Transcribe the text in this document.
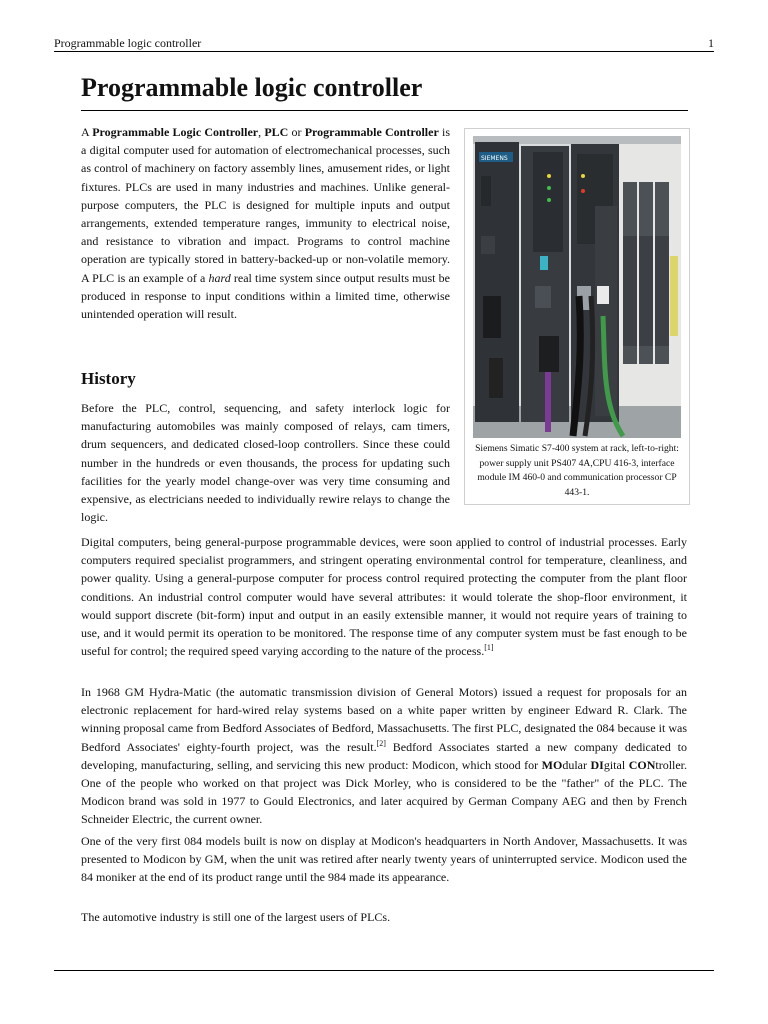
Programmable logic controller	1
Programmable logic controller

A Programmable Logic Controller, PLC or Programmable Controller is a digital computer used for automation of electromechanical processes, such as control of machinery on factory assembly lines, amusement rides, or light fixtures. PLCs are used in many industries and machines. Unlike general-purpose computers, the PLC is designed for multiple inputs and output arrangements, extended temperature ranges, immunity to electrical noise, and resistance to vibration and impact. Programs to control machine operation are typically stored in battery-backed-up or non-volatile memory. A PLC is an example of a hard real time system since output results must be produced in response to input conditions within a limited time, otherwise unintended operation will result.

SIEMENS
Siemens Simatic S7-400 system at rack, left-to-right: power supply unit PS407 4A,CPU 416-3, interface module IM 460-0 and communication processor CP 443-1.
History

Before the PLC, control, sequencing, and safety interlock logic for manufacturing automobiles was mainly composed of relays, cam timers, drum sequencers, and dedicated closed-loop controllers. Since these could number in the hundreds or even thousands, the process for updating such facilities for the yearly model change-over was very time consuming and expensive, as electricians needed to individually rewire relays to change the logic.

Digital computers, being general-purpose programmable devices, were soon applied to control of industrial processes. Early computers required specialist programmers, and stringent operating environmental control for temperature, cleanliness, and power quality. Using a general-purpose computer for process control required protecting the computer from the plant floor conditions. An industrial control computer would have several attributes: it would tolerate the shop-floor environment, it would support discrete (bit-form) input and output in an easily extensible manner, it would not require years of training to use, and it would permit its operation to be monitored. The response time of any computer system must be fast enough to be useful for control; the required speed varying according to the nature of the process.[1]

In 1968 GM Hydra-Matic (the automatic transmission division of General Motors) issued a request for proposals for an electronic replacement for hard-wired relay systems based on a white paper written by engineer Edward R. Clark. The winning proposal came from Bedford Associates of Bedford, Massachusetts. The first PLC, designated the 084 because it was Bedford Associates' eighty-fourth project, was the result.[2] Bedford Associates started a new company dedicated to developing, manufacturing, selling, and servicing this new product: Modicon, which stood for MOdular DIgital CONtroller. One of the people who worked on that project was Dick Morley, who is considered to be the "father" of the PLC. The Modicon brand was sold in 1977 to Gould Electronics, and later acquired by German Company AEG and then by French Schneider Electric, the current owner.

One of the very first 084 models built is now on display at Modicon's headquarters in North Andover, Massachusetts. It was presented to Modicon by GM, when the unit was retired after nearly twenty years of uninterrupted service. Modicon used the 84 moniker at the end of its product range until the 984 made its appearance.

The automotive industry is still one of the largest users of PLCs.
